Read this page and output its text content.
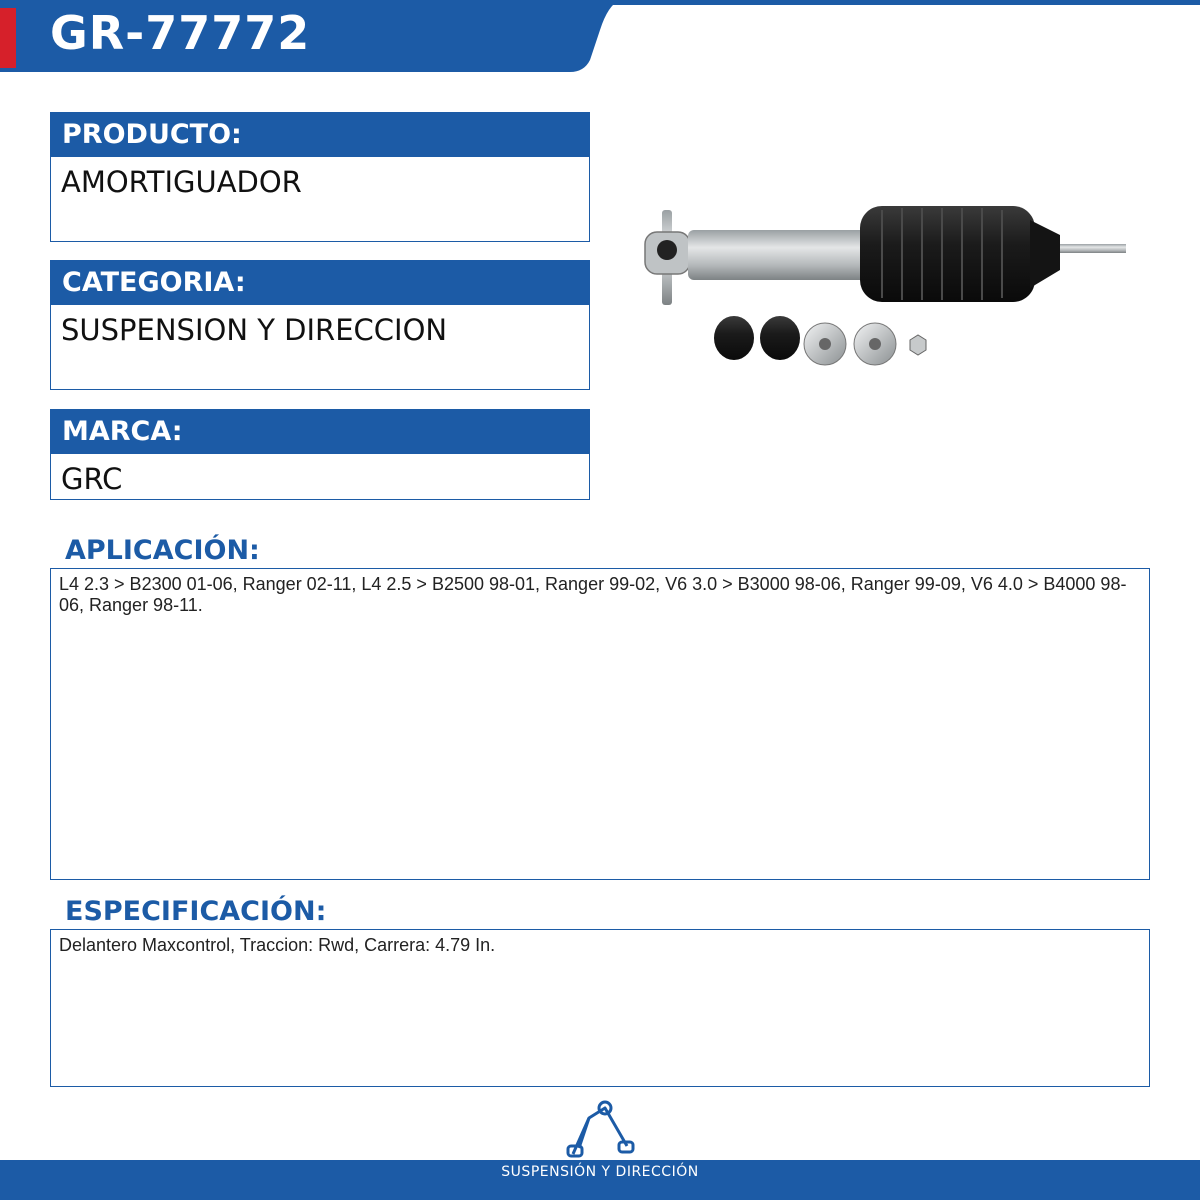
GR-77772
PRODUCTO:
AMORTIGUADOR
CATEGORIA:
SUSPENSION Y DIRECCION
MARCA:
GRC
APLICACIÓN:
L4 2.3 > B2300 01-06, Ranger 02-11, L4 2.5 > B2500 98-01, Ranger 99-02, V6 3.0 > B3000 98-06, Ranger 99-09, V6 4.0 > B4000 98-06, Ranger 98-11.
ESPECIFICACIÓN:
Delantero Maxcontrol, Traccion: Rwd, Carrera: 4.79 In.
SUSPENSIÓN Y DIRECCIÓN
